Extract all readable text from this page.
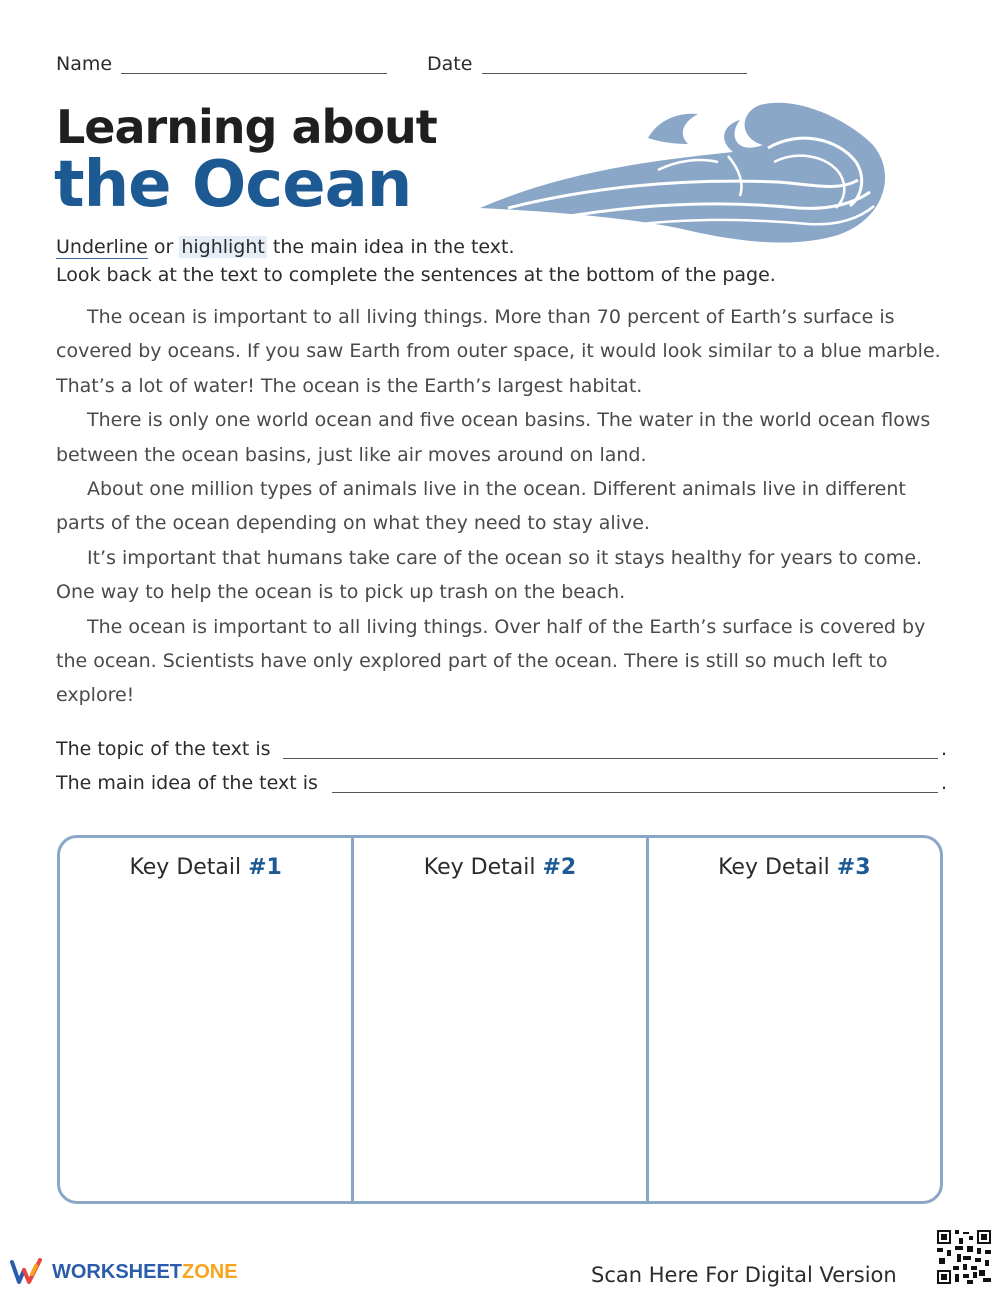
Name	Date
Learning about
the Ocean
Underline or highlight the main idea in the text.
Look back at the text to complete the sentences at the bottom of the page.

The ocean is important to all living things. More than 70 percent of Earth’s surface is covered by oceans. If you saw Earth from outer space, it would look similar to a blue marble. That’s a lot of water! The ocean is the Earth’s largest habitat.

There is only one world ocean and five ocean basins. The water in the world ocean flows between the ocean basins, just like air moves around on land.

About one million types of animals live in the ocean. Different animals live in different parts of the ocean depending on what they need to stay alive.

It’s important that humans take care of the ocean so it stays healthy for years to come. One way to help the ocean is to pick up trash on the beach.

The ocean is important to all living things. Over half of the Earth’s surface is covered by the ocean. Scientists have only explored part of the ocean. There is still so much left to explore!

The topic of the text is	.
The main idea of the text is	.
Key Detail #1	Key Detail #2	Key Detail #3
WORKSHEETZONE	Scan Here For Digital Version
